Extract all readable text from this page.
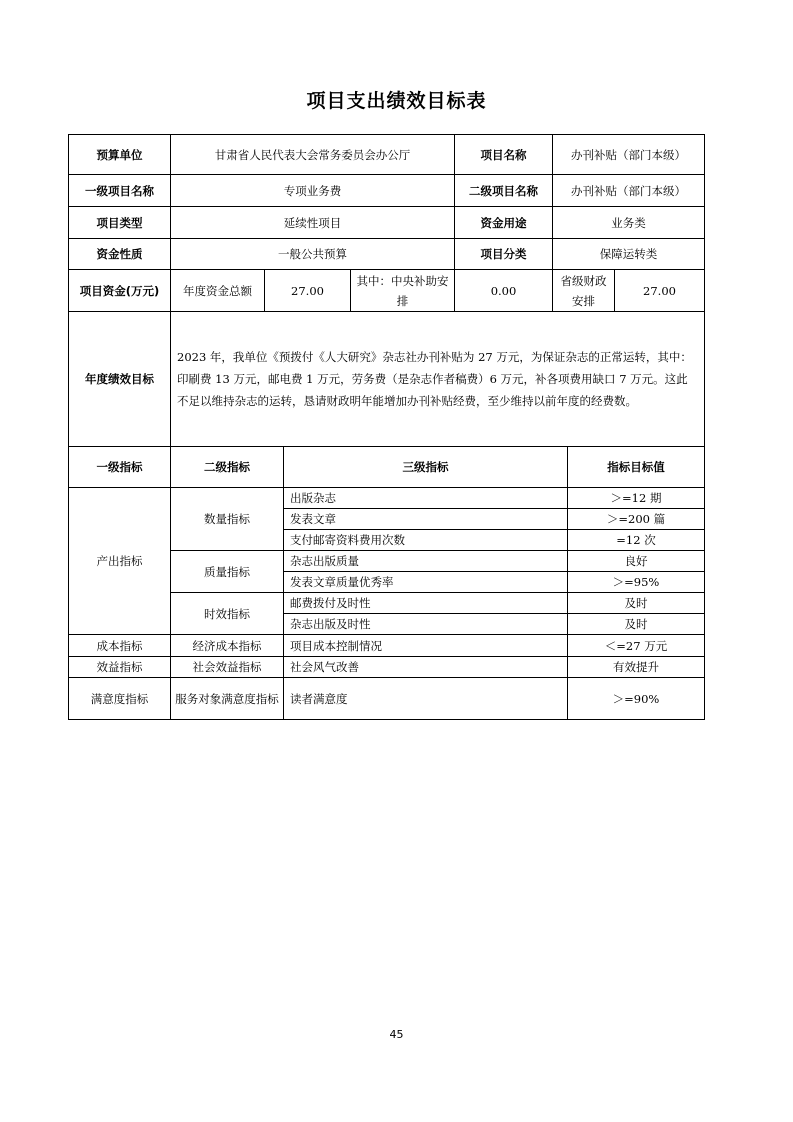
项目支出绩效目标表
预算单位	甘肃省人民代表大会常务委员会办公厅			项目名称	办刊补贴（部门本级）	
一级项目名称	专项业务费			二级项目名称	办刊补贴（部门本级）	
项目类型	延续性项目			资金用途	业务类	
资金性质	一般公共预算			项目分类	保障运转类	
项目资金(万元)	年度资金总额	27.00	其中：中央补助安排	0.00	省级财政安排	27.00
年度绩效目标	2023 年，我单位《预拨付《人大研究》杂志社办刊补贴为 27 万元，为保证杂志的正常运转，其中：印刷费 13 万元，邮电费 1 万元，劳务费（是杂志作者稿费）6 万元，补各项费用缺口 7 万元。这此不足以维持杂志的运转，恳请财政明年能增加办刊补贴经费，至少维持以前年度的经费数。					
一级指标	二级指标	三级指标	指标目标值
产出指标	数量指标	出版杂志	＞=12 期
		发表文章	＞=200 篇
		支付邮寄资料费用次数	=12 次
	质量指标	杂志出版质量	良好
		发表文章质量优秀率	＞=95%
	时效指标	邮费拨付及时性	及时
		杂志出版及时性	及时
成本指标	经济成本指标	项目成本控制情况	＜=27 万元
效益指标	社会效益指标	社会风气改善	有效提升
满意度指标	服务对象满意度指标	读者满意度	＞=90%
45
